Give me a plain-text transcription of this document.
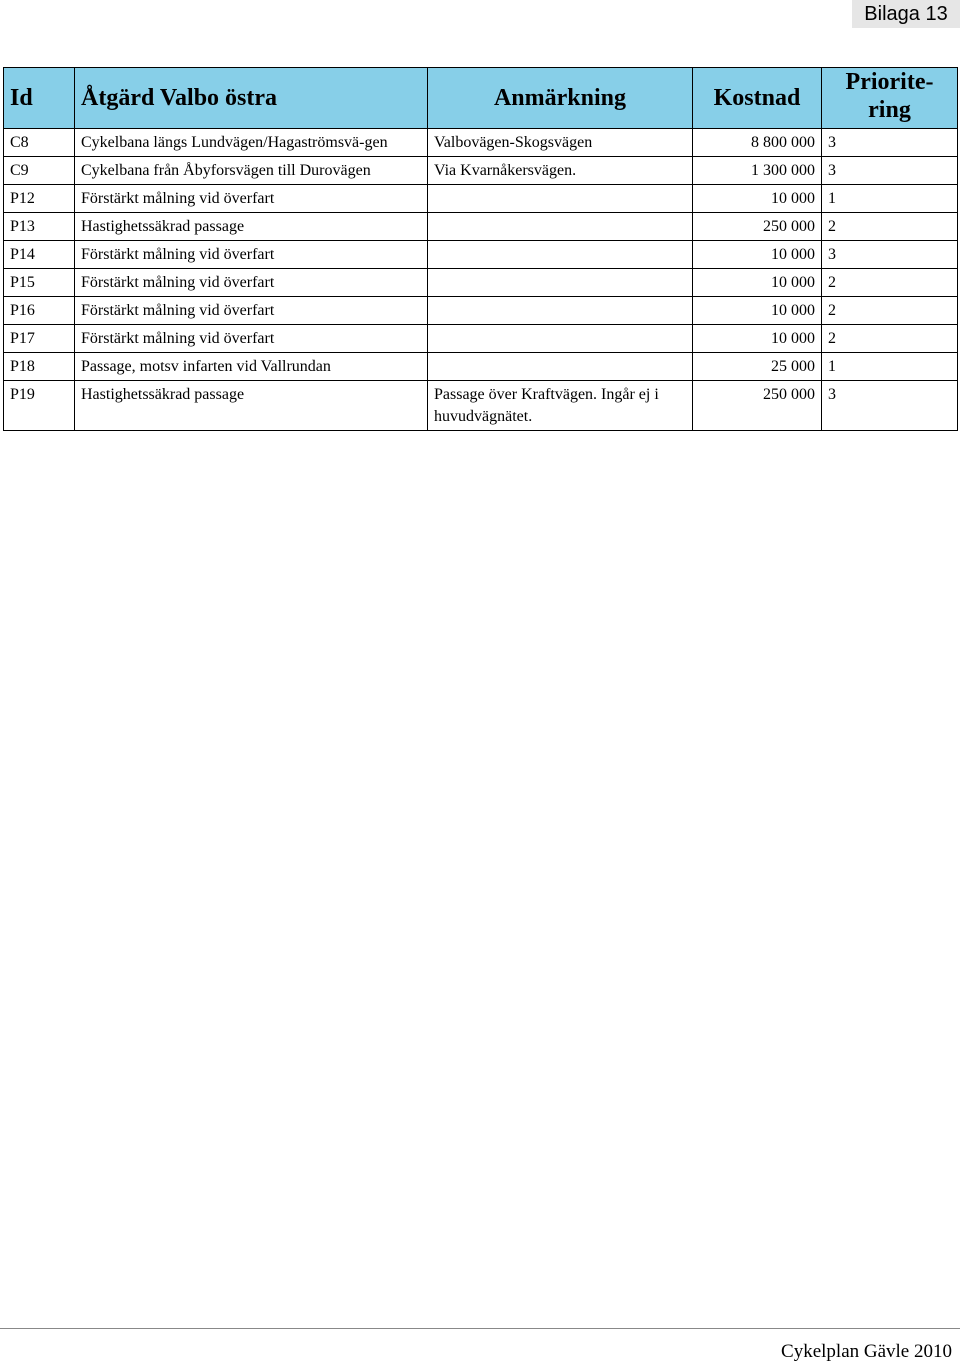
Bilaga 13
Id	Åtgärd Valbo östra	Anmärkning	Kostnad	Priorite-ring
C8	Cykelbana längs Lundvägen/Hagaströmsvä-gen	Valbovägen-Skogsvägen	8 800 000	3
C9	Cykelbana från Åbyforsvägen till Durovägen	Via Kvarnåkersvägen.	1 300 000	3
P12	Förstärkt målning vid överfart		10 000	1
P13	Hastighetssäkrad passage		250 000	2
P14	Förstärkt målning vid överfart		10 000	3
P15	Förstärkt målning vid överfart		10 000	2
P16	Förstärkt målning vid överfart		10 000	2
P17	Förstärkt målning vid överfart		10 000	2
P18	Passage, motsv infarten vid Vallrundan		25 000	1
P19	Hastighetssäkrad passage	Passage över Kraftvägen. Ingår ej i huvudvägnätet.	250 000	3
Cykelplan Gävle 2010
